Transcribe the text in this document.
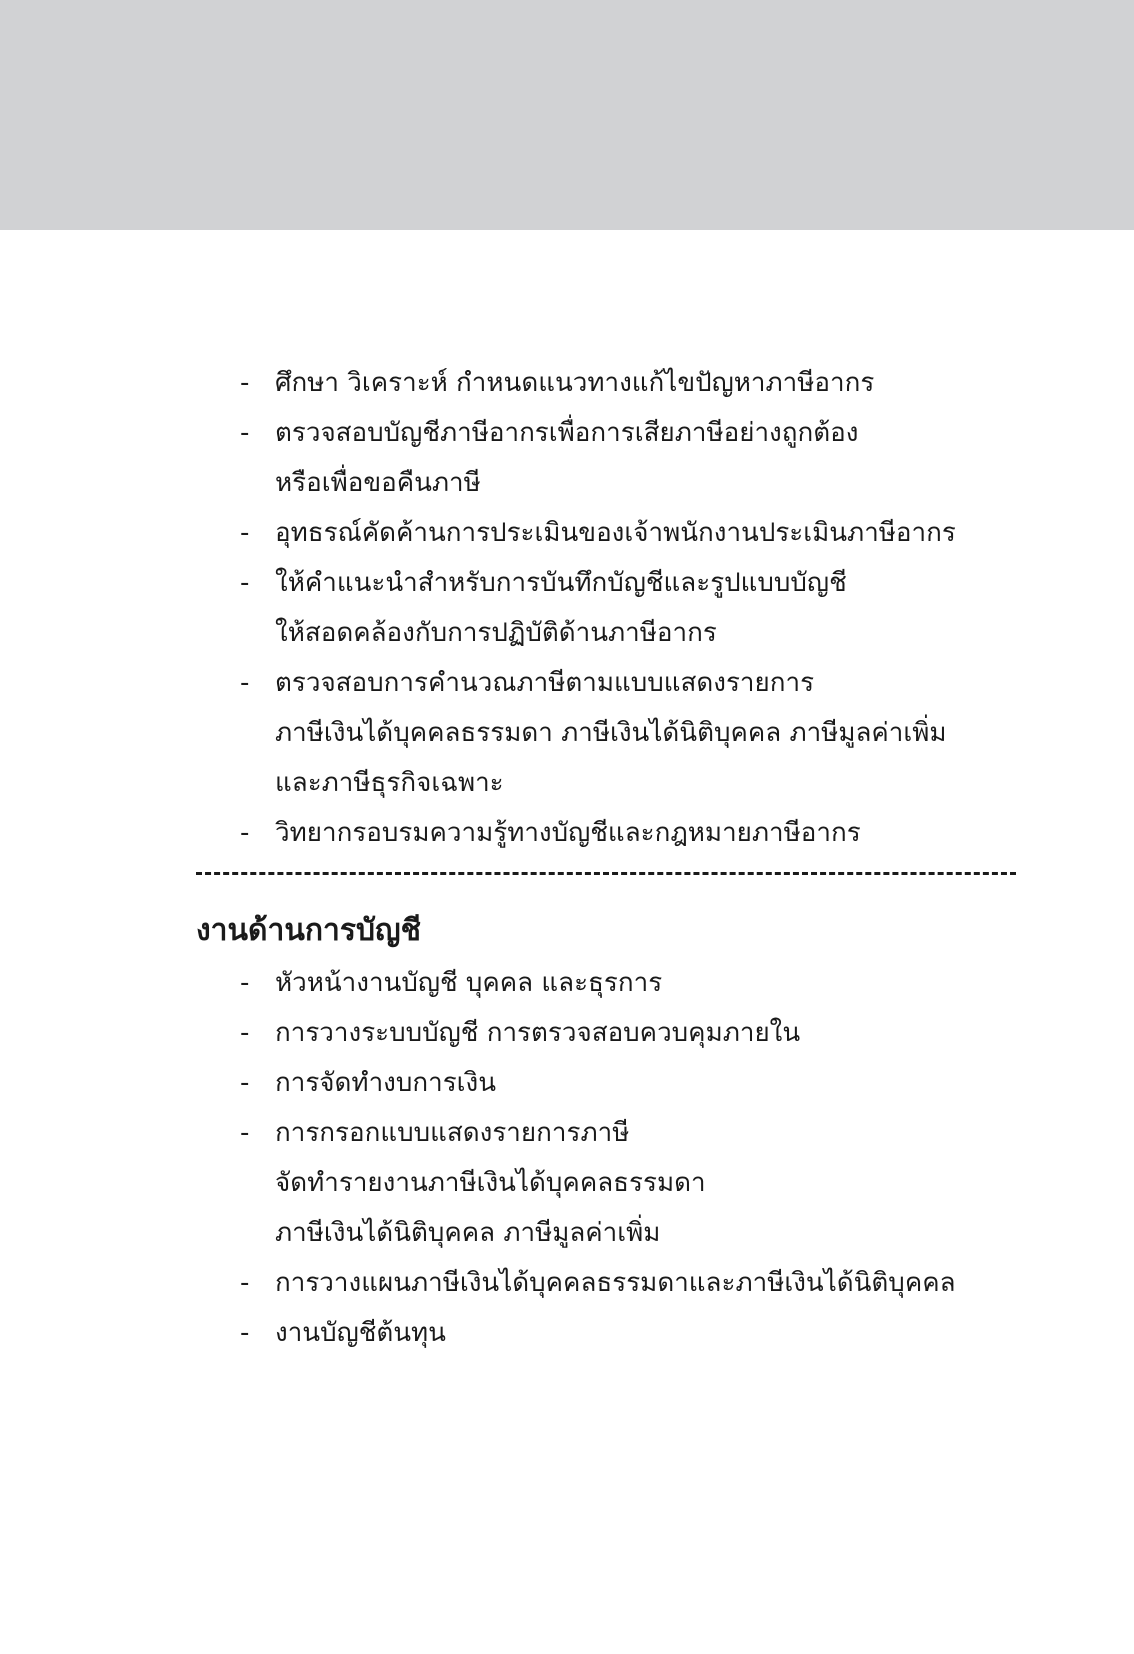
- ศึกษา วิเคราะห์ กำหนดแนวทางแก้ไขปัญหาภาษีอากร
- ตรวจสอบบัญชีภาษีอากรเพื่อการเสียภาษีอย่างถูกต้อง
หรือเพื่อขอคืนภาษี
- อุทธรณ์คัดค้านการประเมินของเจ้าพนักงานประเมินภาษีอากร
- ให้คำแนะนำสำหรับการบันทึกบัญชีและรูปแบบบัญชี
ให้สอดคล้องกับการปฏิบัติด้านภาษีอากร
- ตรวจสอบการคำนวณภาษีตามแบบแสดงรายการ
ภาษีเงินได้บุคคลธรรมดา ภาษีเงินได้นิติบุคคล ภาษีมูลค่าเพิ่ม
และภาษีธุรกิจเฉพาะ
- วิทยากรอบรมความรู้ทางบัญชีและกฎหมายภาษีอากร
งานด้านการบัญชี
- หัวหน้างานบัญชี บุคคล และธุรการ
- การวางระบบบัญชี การตรวจสอบควบคุมภายใน
- การจัดทำงบการเงิน
- การกรอกแบบแสดงรายการภาษี
จัดทำรายงานภาษีเงินได้บุคคลธรรมดา
ภาษีเงินได้นิติบุคคล ภาษีมูลค่าเพิ่ม
- การวางแผนภาษีเงินได้บุคคลธรรมดาและภาษีเงินได้นิติบุคคล
- งานบัญชีต้นทุน
